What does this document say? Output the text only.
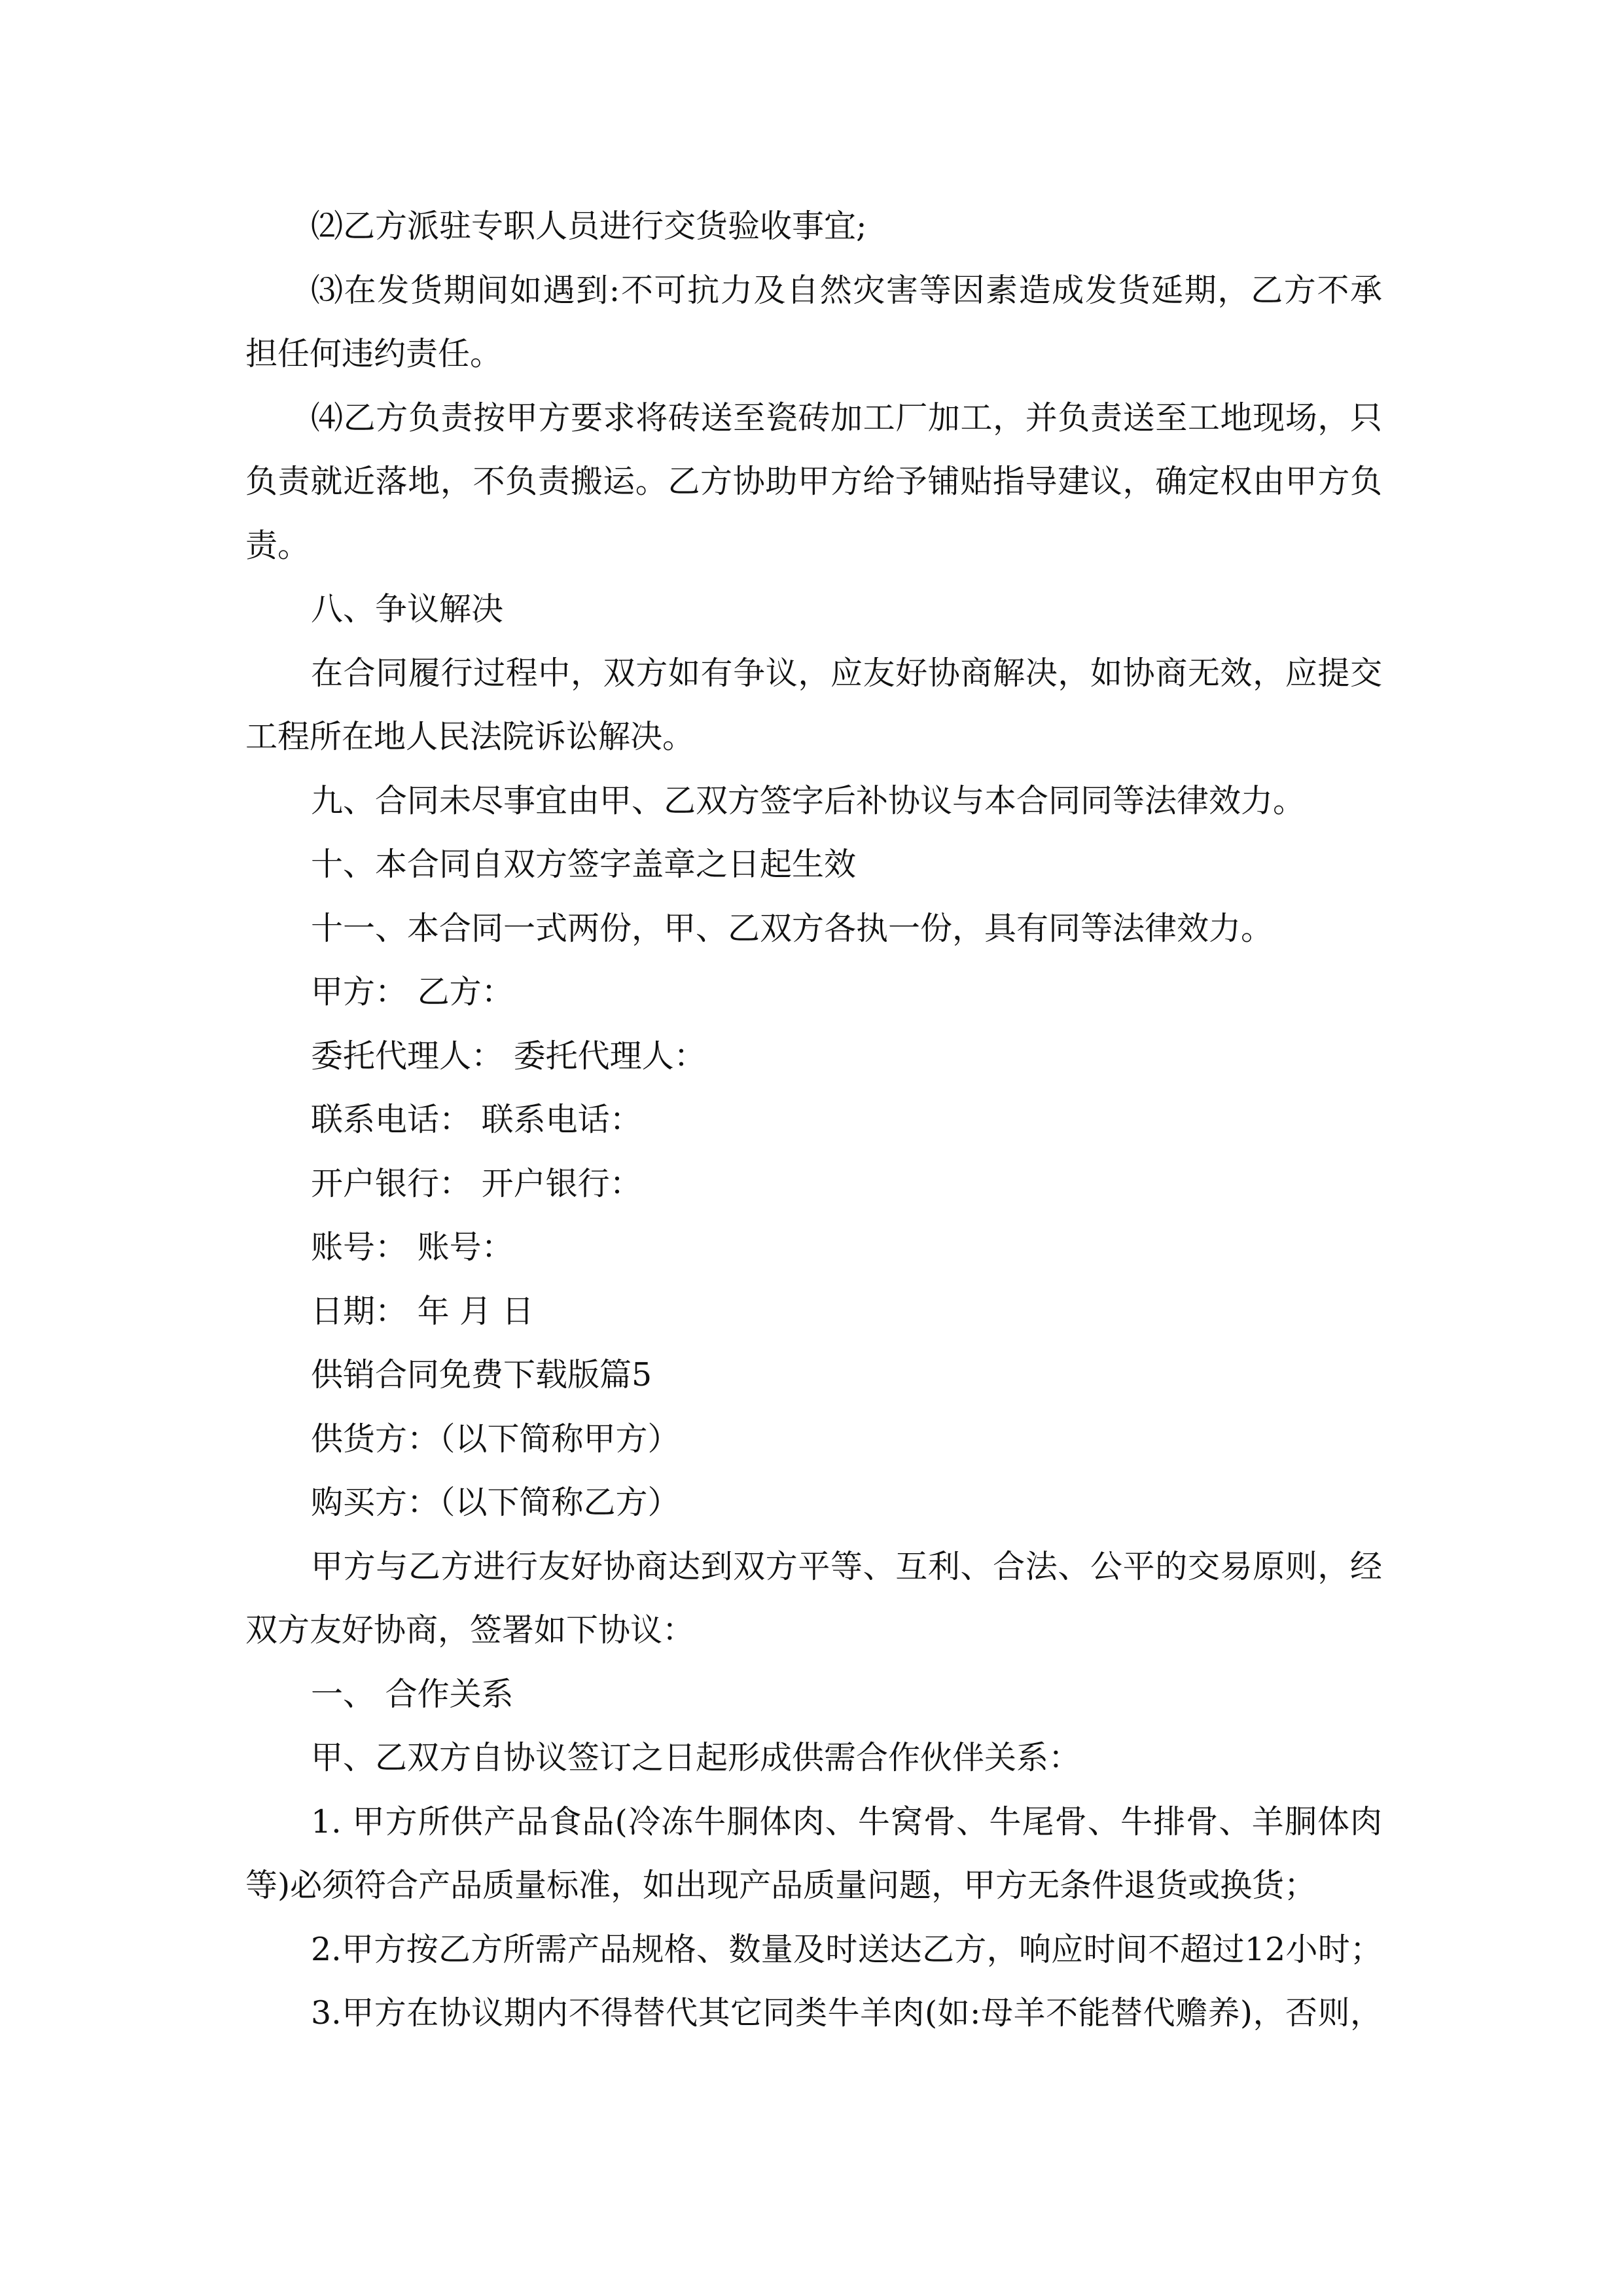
⑵乙方派驻专职人员进行交货验收事宜;

⑶在发货期间如遇到:不可抗力及自然灾害等因素造成发货延期，乙方不承

担任何违约责任。

⑷乙方负责按甲方要求将砖送至瓷砖加工厂加工，并负责送至工地现场，只

负责就近落地，不负责搬运。乙方协助甲方给予铺贴指导建议，确定权由甲方负

责。

八、争议解决

在合同履行过程中，双方如有争议，应友好协商解决，如协商无效，应提交

工程所在地人民法院诉讼解决。

九、合同未尽事宜由甲、乙双方签字后补协议与本合同同等法律效力。

十、本合同自双方签字盖章之日起生效

十一、本合同一式两份，甲、乙双方各执一份，具有同等法律效力。

甲方： 乙方：

委托代理人： 委托代理人：

联系电话： 联系电话：

开户银行： 开户银行：

账号： 账号：

日期： 年 月 日

供销合同免费下载版篇5

供货方：（以下简称甲方）

购买方：（以下简称乙方）

甲方与乙方进行友好协商达到双方平等、互利、合法、公平的交易原则，经

双方友好协商，签署如下协议：

一、 合作关系

甲、乙双方自协议签订之日起形成供需合作伙伴关系：

1. 甲方所供产品食品(冷冻牛胴体肉、牛窝骨、牛尾骨、牛排骨、羊胴体肉

等)必须符合产品质量标准，如出现产品质量问题，甲方无条件退货或换货；

2.甲方按乙方所需产品规格、数量及时送达乙方，响应时间不超过12小时；

3.甲方在协议期内不得替代其它同类牛羊肉(如:母羊不能替代赡养)，否则，
